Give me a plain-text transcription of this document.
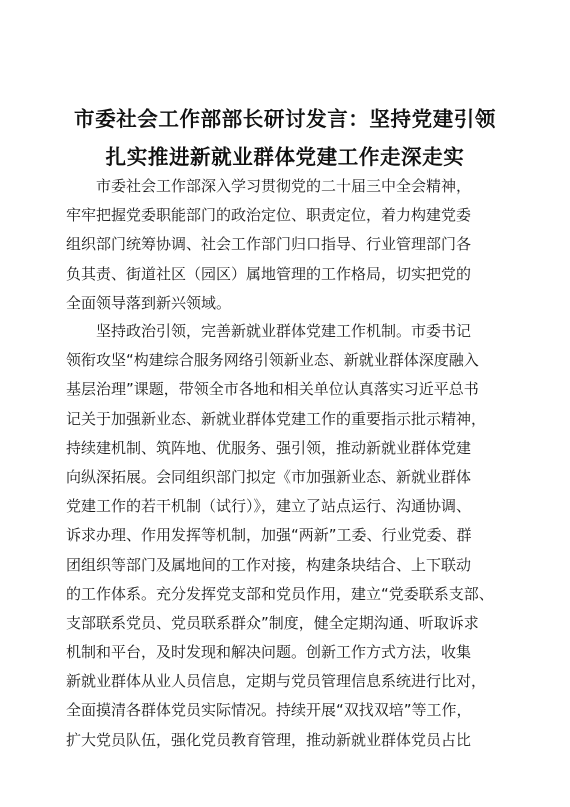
市委社会工作部部长研讨发言：坚持党建引领
扎实推进新就业群体党建工作走深走实
市委社会工作部深入学习贯彻党的二十届三中全会精神，
牢牢把握党委职能部门的政治定位、职责定位，着力构建党委
组织部门统筹协调、社会工作部门归口指导、行业管理部门各
负其责、街道社区（园区）属地管理的工作格局，切实把党的
全面领导落到新兴领域。
坚持政治引领，完善新就业群体党建工作机制。市委书记
领衔攻坚“构建综合服务网络引领新业态、新就业群体深度融入
基层治理”课题，带领全市各地和相关单位认真落实习近平总书
记关于加强新业态、新就业群体党建工作的重要指示批示精神，
持续建机制、筑阵地、优服务、强引领，推动新就业群体党建
向纵深拓展。会同组织部门拟定《市加强新业态、新就业群体
党建工作的若干机制（试行）》，建立了站点运行、沟通协调、
诉求办理、作用发挥等机制，加强“两新”工委、行业党委、群
团组织等部门及属地间的工作对接，构建条块结合、上下联动
的工作体系。充分发挥党支部和党员作用，建立“党委联系支部、
支部联系党员、党员联系群众”制度，健全定期沟通、听取诉求
机制和平台，及时发现和解决问题。创新工作方式方法，收集
新就业群体从业人员信息，定期与党员管理信息系统进行比对，
全面摸清各群体党员实际情况。持续开展“双找双培”等工作，
扩大党员队伍，强化党员教育管理，推动新就业群体党员占比
